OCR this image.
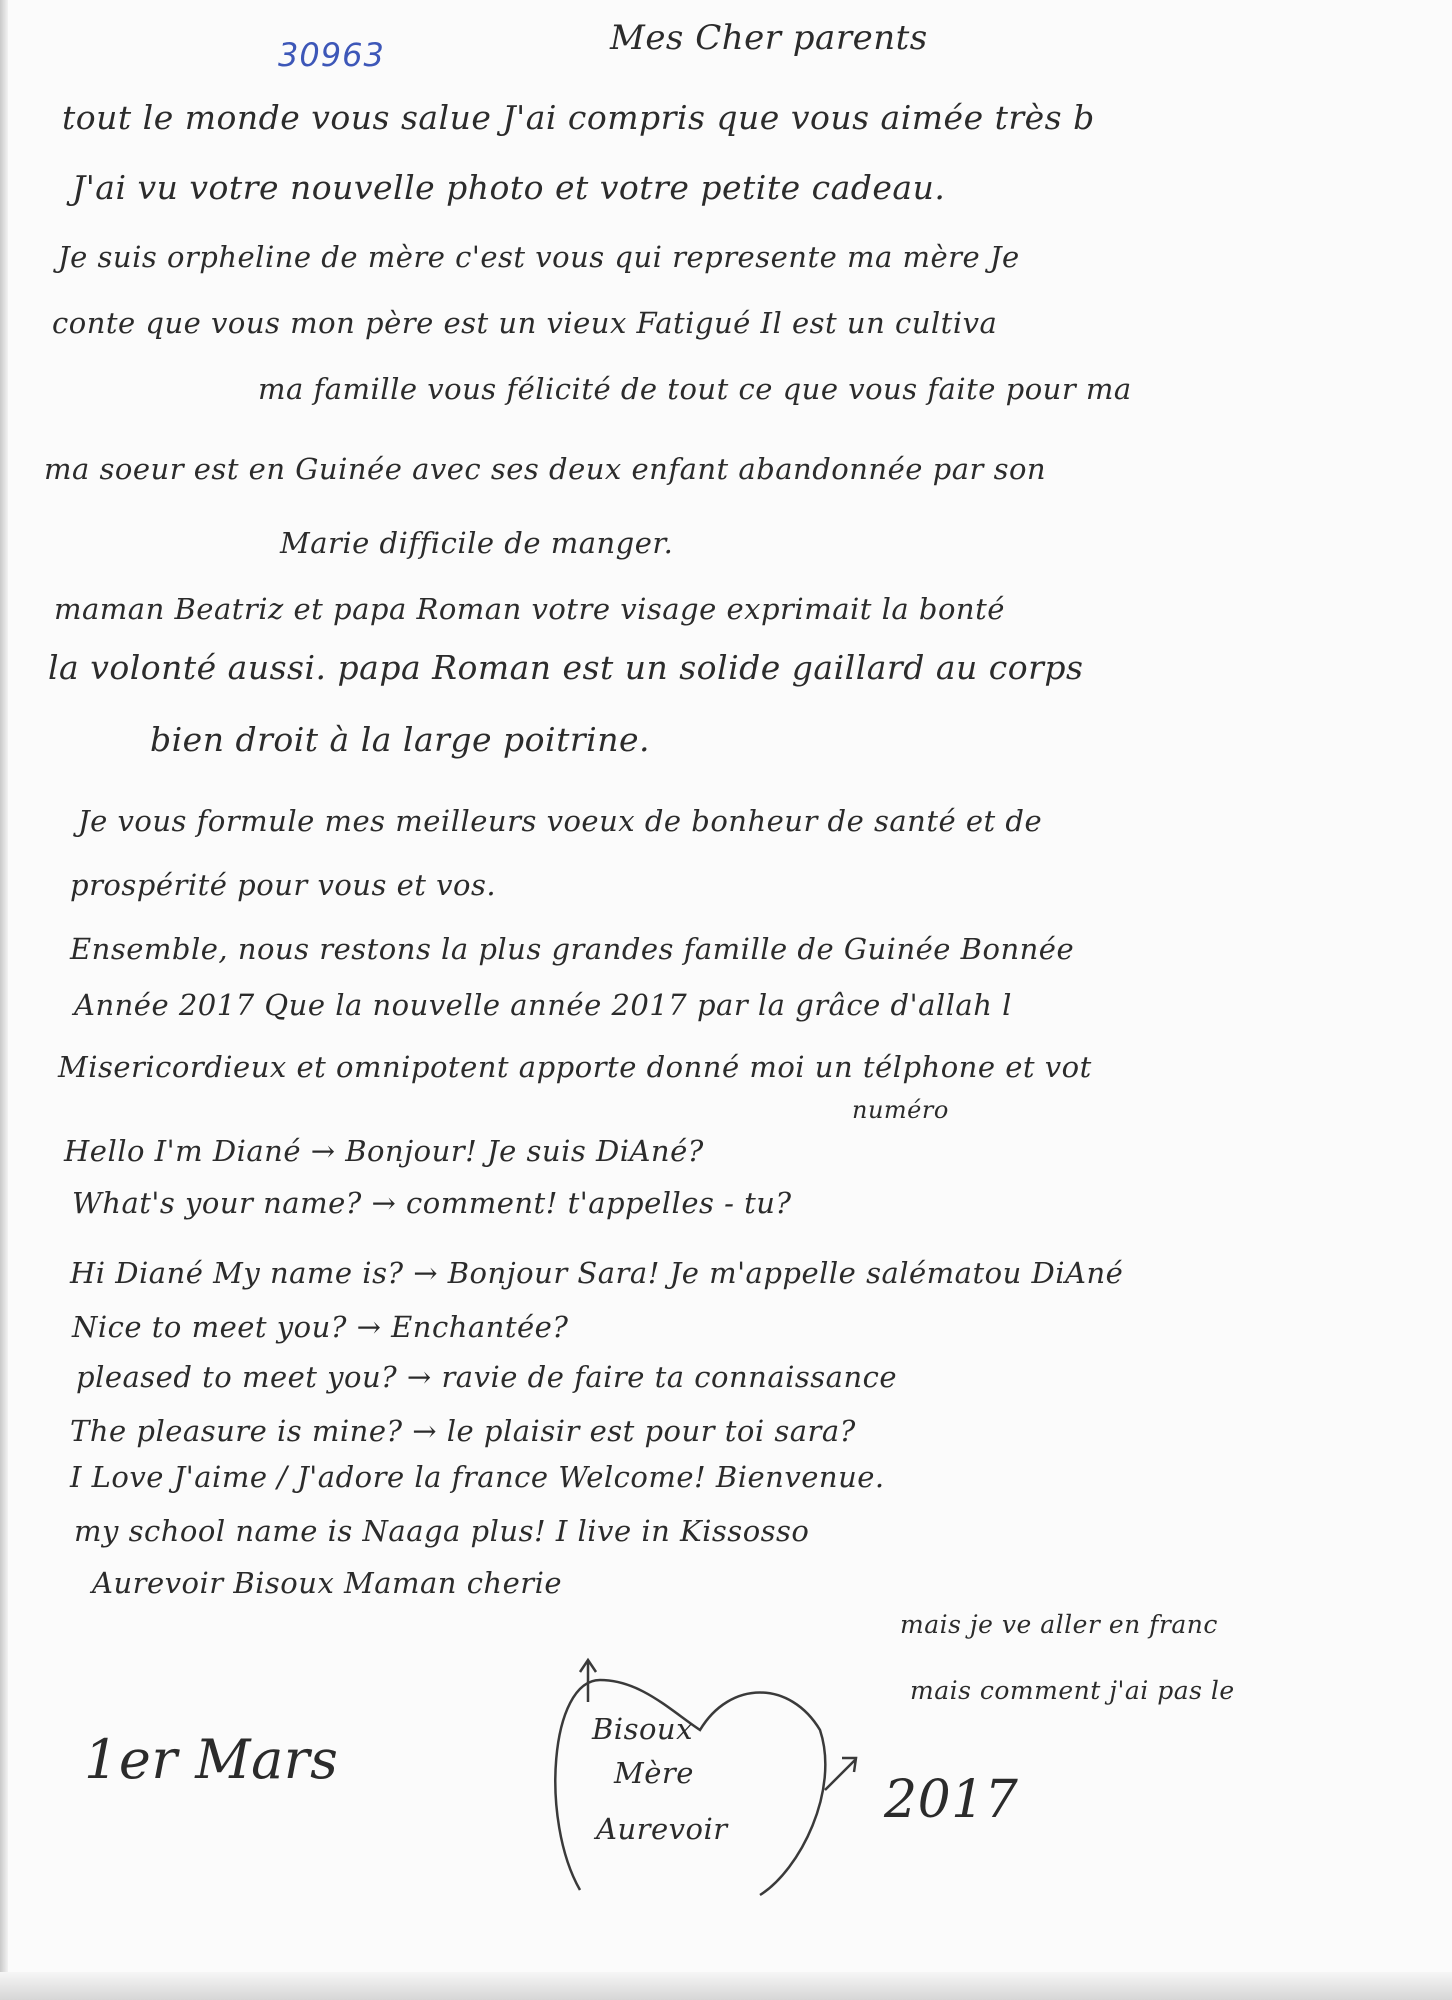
30963	Mes Cher parents
tout le monde vous salue J'ai compris que vous aimée très b
J'ai vu votre nouvelle photo et votre petite cadeau.
Je suis orpheline de mère c'est vous qui represente ma mère Je
conte que vous mon père est un vieux Fatigué Il est un cultiva
ma famille vous félicité de tout ce que vous faite pour ma
ma soeur est en Guinée avec ses deux enfant abandonnée par son
Marie difficile de manger.
maman Beatriz et papa Roman votre visage exprimait la bonté
la volonté aussi. papa Roman est un solide gaillard au corps
bien droit à la large poitrine.
Je vous formule mes meilleurs voeux de bonheur de santé et de
prospérité pour vous et vos.
Ensemble, nous restons la plus grandes famille de Guinée Bonnée
Année 2017 Que la nouvelle année 2017 par la grâce d'allah l
Misericordieux et omnipotent apporte donné moi un télphone et vot
numéro
Hello I'm Diané → Bonjour! Je suis DiAné?
What's your name? → comment! t'appelles - tu?
Hi Diané My name is? → Bonjour Sara! Je m'appelle salématou DiAné
Nice to meet you? → Enchantée?
pleased to meet you? → ravie de faire ta connaissance
The pleasure is mine? → le plaisir est pour toi sara?
I Love J'aime / J'adore la france Welcome! Bienvenue.
my school name is Naaga plus! I live in Kissosso
Aurevoir Bisoux Maman cherie
mais je ve aller en franc
mais comment j'ai pas le
Bisoux
Mère
Aurevoir
1er Mars
2017
